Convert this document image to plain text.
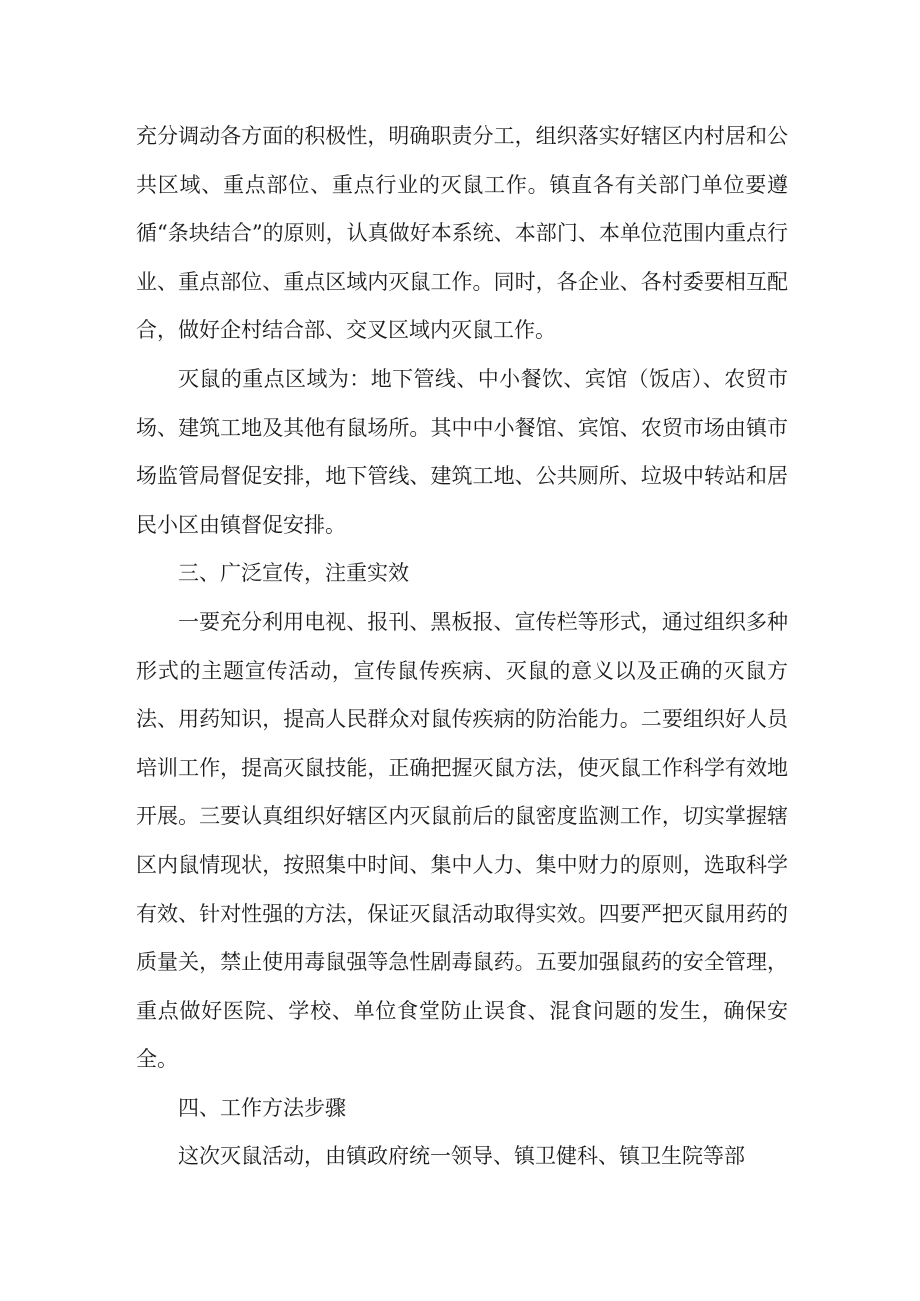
充分调动各方面的积极性，明确职责分工，组织落实好辖区内村居和公共区域、重点部位、重点行业的灭鼠工作。镇直各有关部门单位要遵循“条块结合”的原则，认真做好本系统、本部门、本单位范围内重点行业、重点部位、重点区域内灭鼠工作。同时，各企业、各村委要相互配合，做好企村结合部、交叉区域内灭鼠工作。

灭鼠的重点区域为：地下管线、中小餐饮、宾馆（饭店）、农贸市场、建筑工地及其他有鼠场所。其中中小餐馆、宾馆、农贸市场由镇市场监管局督促安排，地下管线、建筑工地、公共厕所、垃圾中转站和居民小区由镇督促安排。

三、广泛宣传，注重实效

一要充分利用电视、报刊、黑板报、宣传栏等形式，通过组织多种形式的主题宣传活动，宣传鼠传疾病、灭鼠的意义以及正确的灭鼠方法、用药知识，提高人民群众对鼠传疾病的防治能力。二要组织好人员培训工作，提高灭鼠技能，正确把握灭鼠方法，使灭鼠工作科学有效地开展。三要认真组织好辖区内灭鼠前后的鼠密度监测工作，切实掌握辖区内鼠情现状，按照集中时间、集中人力、集中财力的原则，选取科学有效、针对性强的方法，保证灭鼠活动取得实效。四要严把灭鼠用药的质量关，禁止使用毒鼠强等急性剧毒鼠药。五要加强鼠药的安全管理，重点做好医院、学校、单位食堂防止误食、混食问题的发生，确保安全。

四、工作方法步骤

这次灭鼠活动，由镇政府统一领导、镇卫健科、镇卫生院等部
